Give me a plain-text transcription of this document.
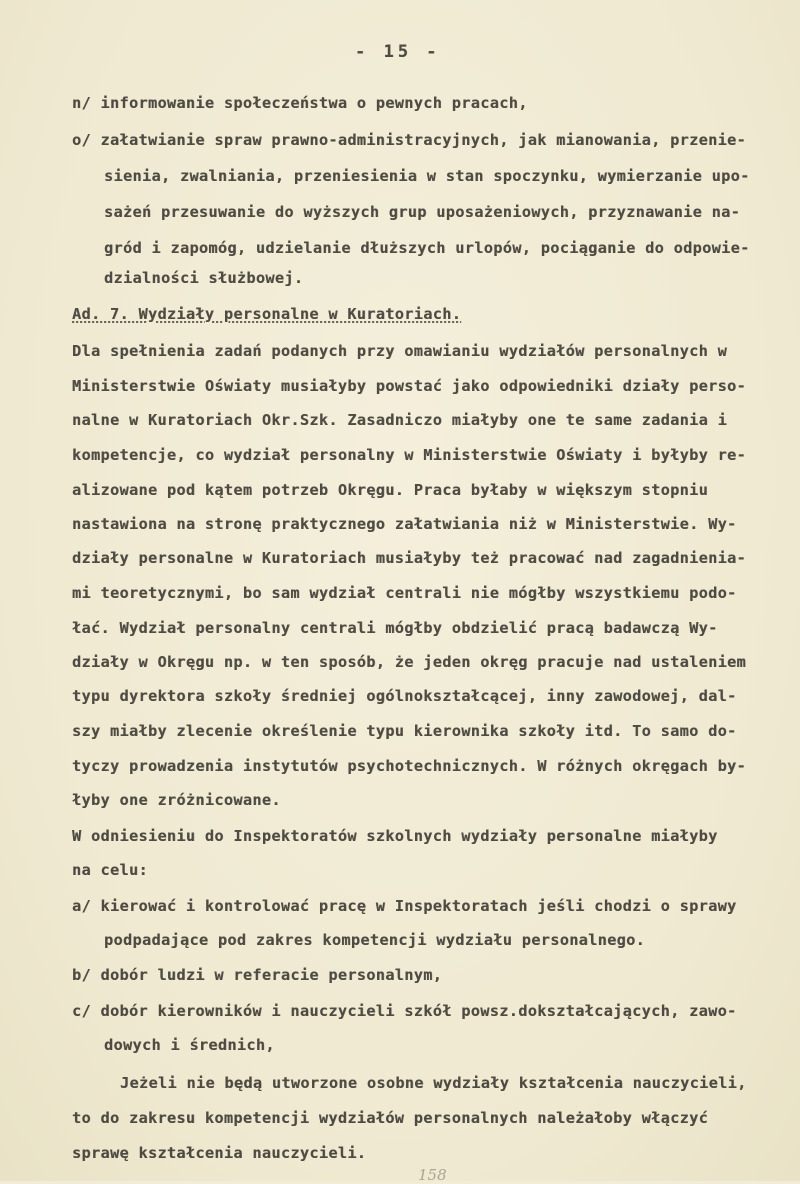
- 15 -
n/ informowanie społeczeństwa o pewnych pracach,
o/ załatwianie spraw prawno-administracyjnych, jak mianowania, przenie-
sienia, zwalniania, przeniesienia w stan spoczynku, wymierzanie upo-
sażeń przesuwanie do wyższych grup uposażeniowych, przyznawanie na-
gród i zapomóg, udzielanie dłuższych urlopów, pociąganie do odpowie-
dzialności służbowej.
Ad. 7. Wydziały personalne w Kuratoriach.
Dla spełnienia zadań podanych przy omawianiu wydziałów personalnych w
Ministerstwie Oświaty musiałyby powstać jako odpowiedniki działy perso-
nalne w Kuratoriach Okr.Szk. Zasadniczo miałyby one te same zadania i
kompetencje, co wydział personalny w Ministerstwie Oświaty i byłyby re-
alizowane pod kątem potrzeb Okręgu. Praca byłaby w większym stopniu
nastawiona na stronę praktycznego załatwiania niż w Ministerstwie. Wy-
działy personalne w Kuratoriach musiałyby też pracować nad zagadnienia-
mi teoretycznymi, bo sam wydział centrali nie mógłby wszystkiemu podo-
łać. Wydział personalny centrali mógłby obdzielić pracą badawczą Wy-
działy w Okręgu np. w ten sposób, że jeden okręg pracuje nad ustaleniem
typu dyrektora szkoły średniej ogólnokształcącej, inny zawodowej, dal-
szy miałby zlecenie określenie typu kierownika szkoły itd. To samo do-
tyczy prowadzenia instytutów psychotechnicznych. W różnych okręgach by-
łyby one zróżnicowane.
W odniesieniu do Inspektoratów szkolnych wydziały personalne miałyby
na celu:
a/ kierować i kontrolować pracę w Inspektoratach jeśli chodzi o sprawy
podpadające pod zakres kompetencji wydziału personalnego.
b/ dobór ludzi w referacie personalnym,
c/ dobór kierowników i nauczycieli szkół powsz.dokształcających, zawo-
dowych i średnich,
Jeżeli nie będą utworzone osobne wydziały kształcenia nauczycieli,
to do zakresu kompetencji wydziałów personalnych należałoby włączyć
sprawę kształcenia nauczycieli.
158
